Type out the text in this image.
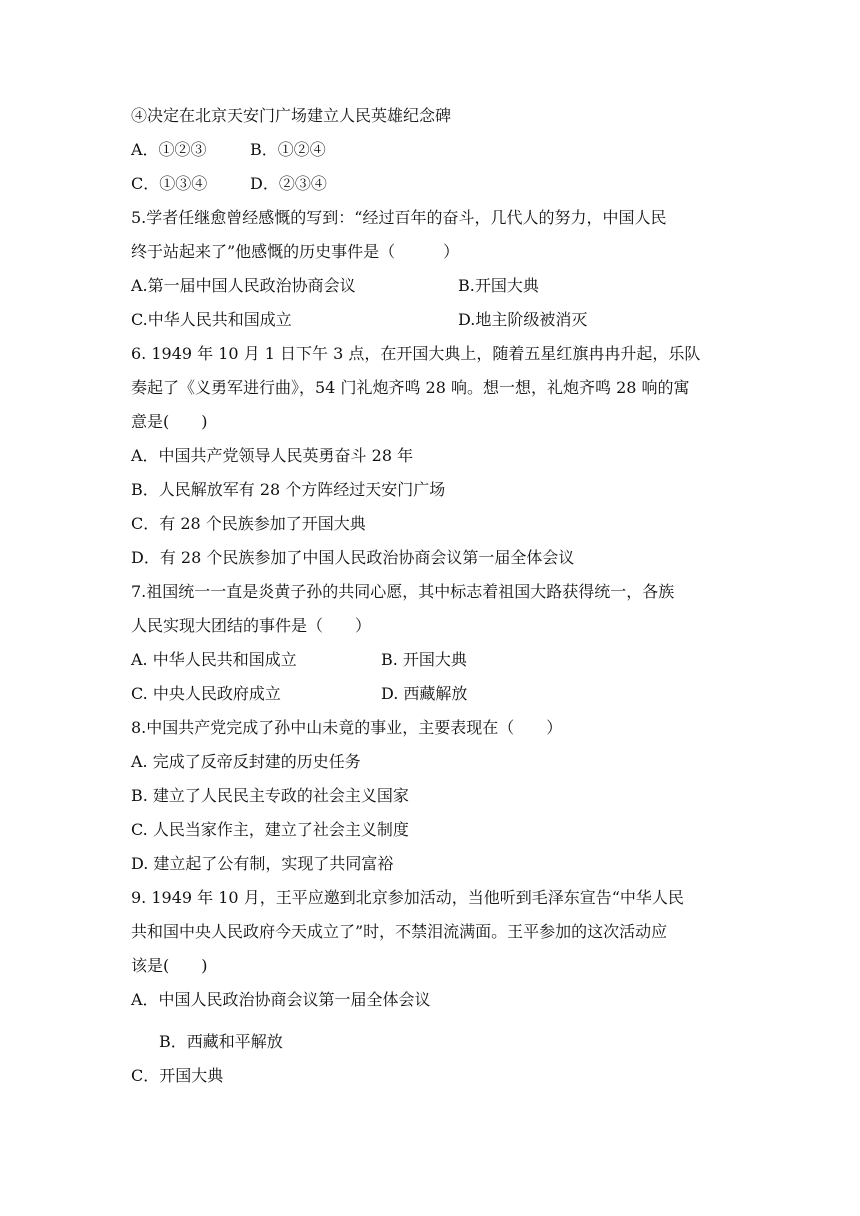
④决定在北京天安门广场建立人民英雄纪念碑
A．①②③	B．①②④
C．①③④	D．②③④
5.学者任继愈曾经感慨的写到：“经过百年的奋斗，几代人的努力，中国人民
终于站起来了”他感慨的历史事件是（　　　）
A.第一届中国人民政治协商会议	B.开国大典
C.中华人民共和国成立	D.地主阶级被消灭
6. 1949 年 10 月 1 日下午 3 点，在开国大典上，随着五星红旗冉冉升起，乐队
奏起了《义勇军进行曲》，54 门礼炮齐鸣 28 响。想一想，礼炮齐鸣 28 响的寓
意是(　　)
A．中国共产党领导人民英勇奋斗 28 年
B．人民解放军有 28 个方阵经过天安门广场
C．有 28 个民族参加了开国大典
D．有 28 个民族参加了中国人民政治协商会议第一届全体会议
7.祖国统一一直是炎黄子孙的共同心愿，其中标志着祖国大路获得统一，各族
人民实现大团结的事件是（　　）
A. 中华人民共和国成立	B. 开国大典
C. 中央人民政府成立	D. 西藏解放
8.中国共产党完成了孙中山未竟的事业，主要表现在（　　）
A. 完成了反帝反封建的历史任务
B. 建立了人民民主专政的社会主义国家
C. 人民当家作主，建立了社会主义制度
D. 建立起了公有制，实现了共同富裕
9. 1949 年 10 月，王平应邀到北京参加活动，当他听到毛泽东宣告“中华人民
共和国中央人民政府今天成立了”时，不禁泪流满面。王平参加的这次活动应
该是(　　)
A．中国人民政治协商会议第一届全体会议
B．西藏和平解放
C．开国大典
